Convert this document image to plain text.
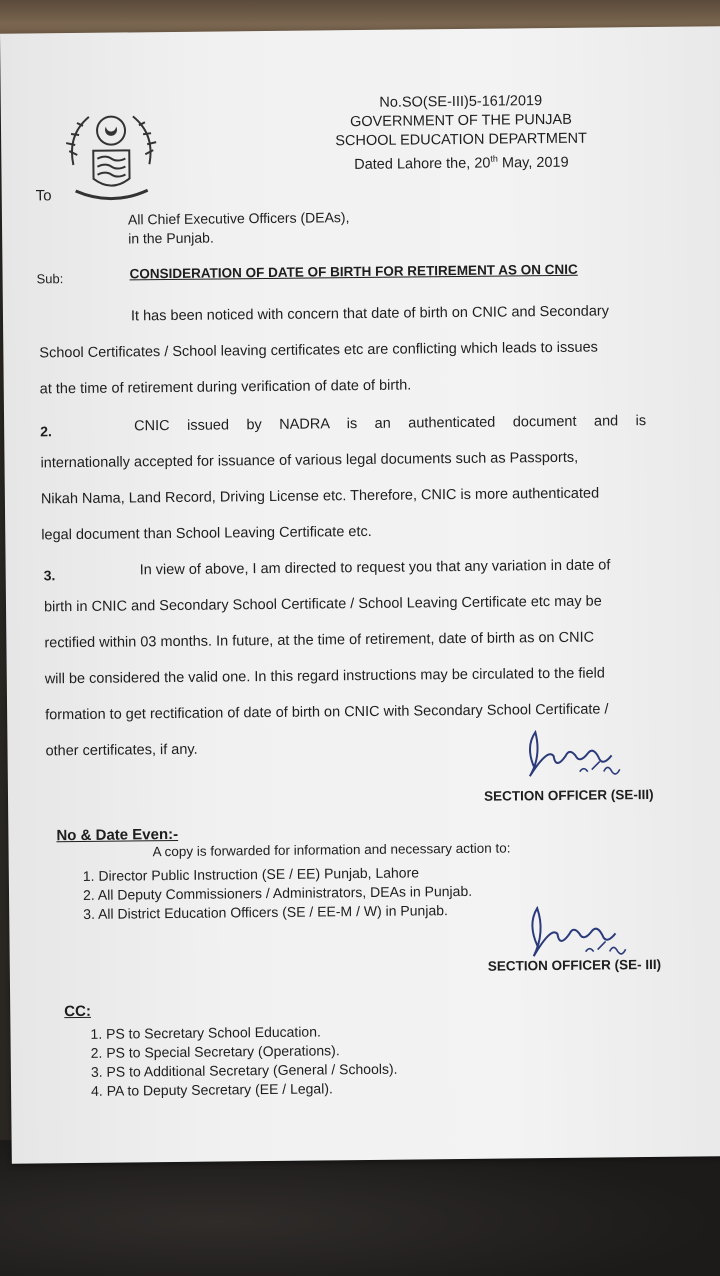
No.SO(SE-III)5-161/2019
GOVERNMENT OF THE PUNJAB
SCHOOL EDUCATION DEPARTMENT
Dated Lahore the, 20th May, 2019
To
All Chief Executive Officers (DEAs),
in the Punjab.
Sub:	CONSIDERATION OF DATE OF BIRTH FOR RETIREMENT AS ON CNIC
It has been noticed with concern that date of birth on CNIC and Secondary
School Certificates / School leaving certificates etc are conflicting which leads to issues
at the time of retirement during verification of date of birth.
2.	CNIC issued by NADRA is an authenticated document and is
internationally accepted for issuance of various legal documents such as Passports,
Nikah Nama, Land Record, Driving License etc. Therefore, CNIC is more authenticated
legal document than School Leaving Certificate etc.
3.	In view of above, I am directed to request you that any variation in date of
birth in CNIC and Secondary School Certificate / School Leaving Certificate etc may be
rectified within 03 months. In future, at the time of retirement, date of birth as on CNIC
will be considered the valid one. In this regard instructions may be circulated to the field
formation to get rectification of date of birth on CNIC with Secondary School Certificate /
other certificates, if any.
SECTION OFFICER (SE-III)
No & Date Even:-
A copy is forwarded for information and necessary action to:
1. Director Public Instruction (SE / EE) Punjab, Lahore
2. All Deputy Commissioners / Administrators, DEAs in Punjab.
3. All District Education Officers (SE / EE-M / W) in Punjab.
SECTION OFFICER (SE- III)
CC:
1. PS to Secretary School Education.
2. PS to Special Secretary (Operations).
3. PS to Additional Secretary (General / Schools).
4. PA to Deputy Secretary (EE / Legal).
